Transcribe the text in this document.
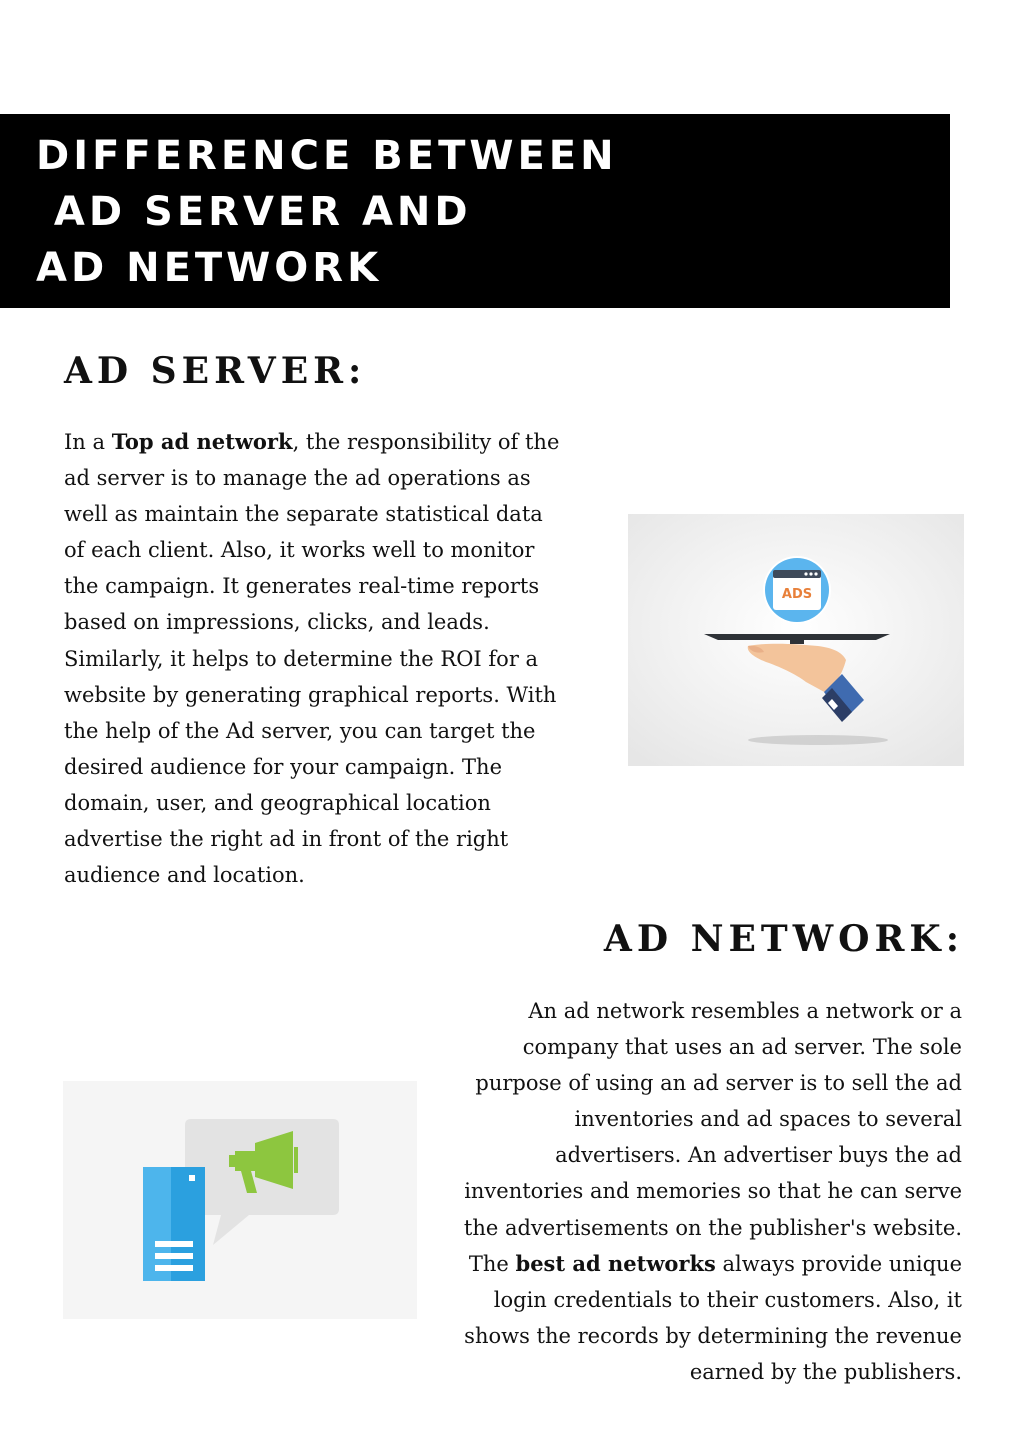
DIFFERENCE BETWEEN
AD SERVER AND
AD NETWORK
AD SERVER:
In a Top ad network, the responsibility of the ad server is to manage the ad operations as well as maintain the separate statistical data of each client. Also, it works well to monitor the campaign. It generates real-time reports based on impressions, clicks, and leads. Similarly, it helps to determine the ROI for a website by generating graphical reports. With the help of the Ad server, you can target the desired audience for your campaign. The domain, user, and geographical location advertise the right ad in front of the right audience and location.
ADS
AD NETWORK:
An ad network resembles a network or a company that uses an ad server. The sole purpose of using an ad server is to sell the ad inventories and ad spaces to several advertisers. An advertiser buys the ad inventories and memories so that he can serve the advertisements on the publisher's website. The best ad networks always provide unique login credentials to their customers. Also, it shows the records by determining the revenue earned by the publishers.
